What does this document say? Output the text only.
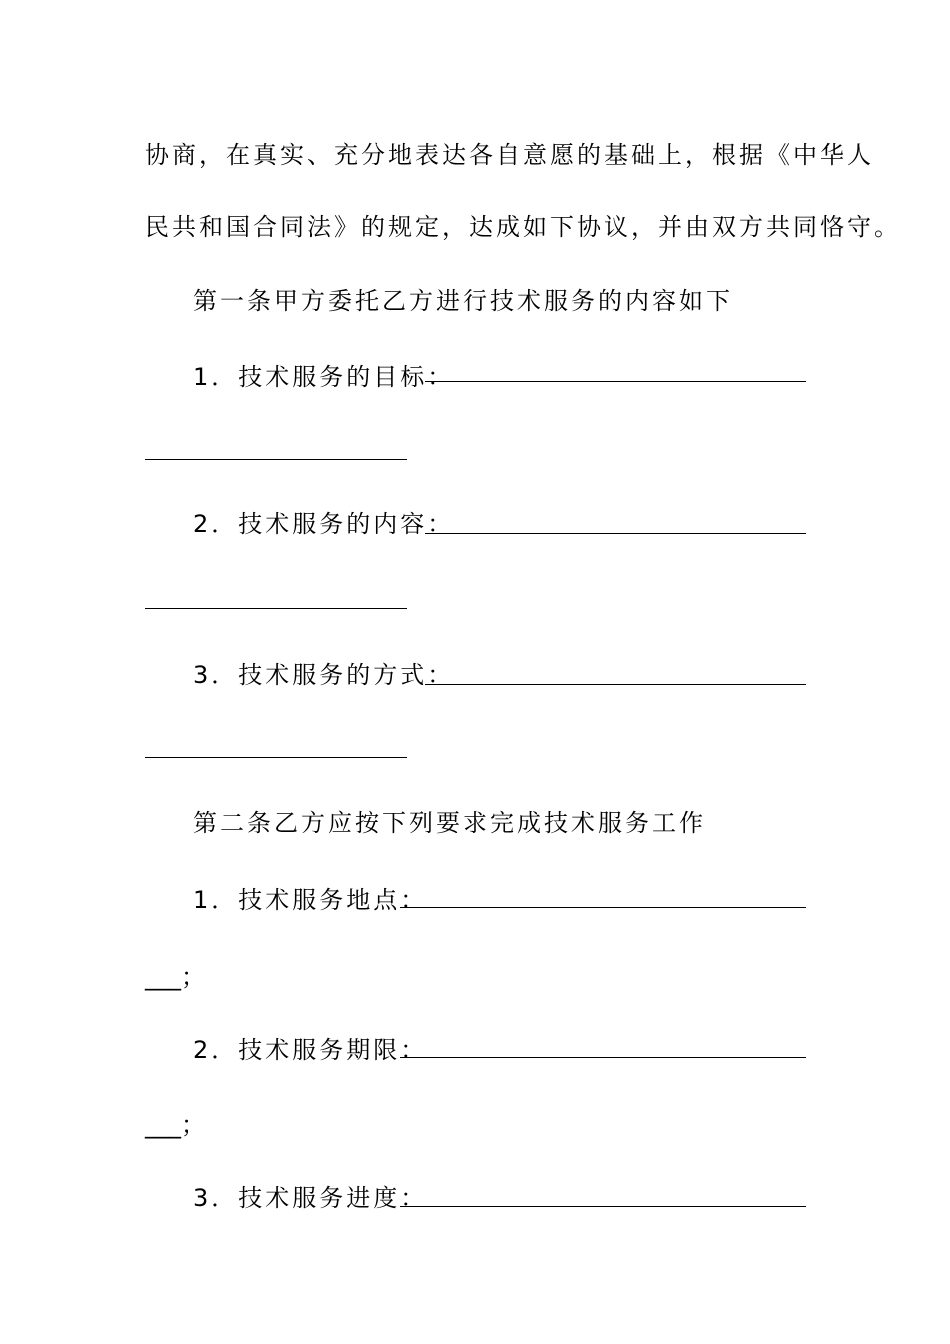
协商，在真实、充分地表达各自意愿的基础上，根据《中华人
民共和国合同法》的规定，达成如下协议，并由双方共同恪守。
第一条甲方委托乙方进行技术服务的内容如下
1．技术服务的目标：
2．技术服务的内容：
3．技术服务的方式：
第二条乙方应按下列要求完成技术服务工作
1．技术服务地点：
___；
2．技术服务期限：
___；
3．技术服务进度：
